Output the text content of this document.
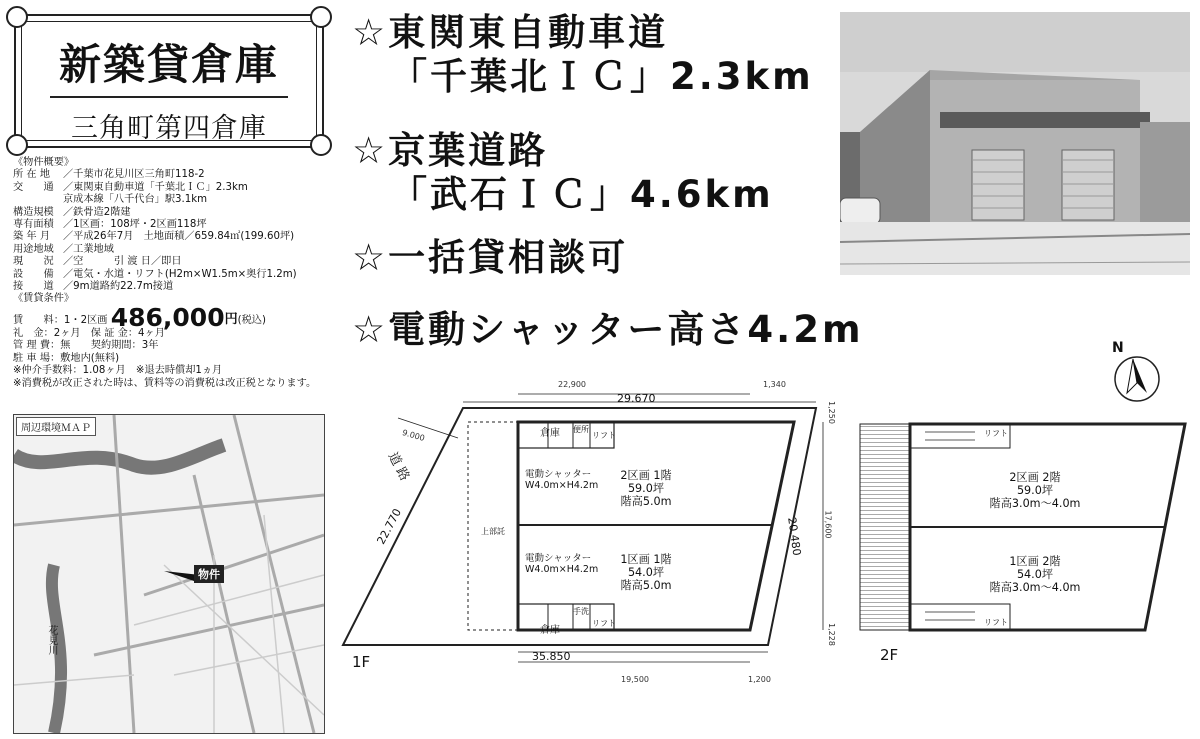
新築貸倉庫
三角町第四倉庫
《物件概要》
所 在 地 ／千葉市花見川区三角町118-2
交　　通 ／東関東自動車道「千葉北ＩＣ」2.3km
京成本線「八千代台」駅3.1km
構造規模 ／鉄骨造2階建
専有面積 ／1区画：108坪・2区画118坪
築 年 月 ／平成26年7月　土地面積／659.84㎡(199.60坪)
用途地域 ／工業地域
現　　況 ／空　　　引 渡 日／即日
設　　備 ／電気・水道・リフト(H2m×W1.5m×奥行1.2m)
接　　道 ／9m道路約22.7m接道
《賃貸条件》
賃　　料：1・2区画 486,000円(税込)
礼　金：2ヶ月　保 証 金：4ヶ月
管 理 費：無　　契約期間：3年
駐 車 場：敷地内(無料)
※仲介手数料：1.08ヶ月　※退去時償却1ヵ月
※消費税が改正された時は、賃料等の消費税は改正税となります。
☆東関東自動車道
「千葉北ＩＣ」2.3km
☆京葉道路
「武石ＩＣ」4.6km
☆一括貸相談可
☆電動シャッター高さ4.2m
周辺環境ＭＡＰ
花見川
物件
N
22,900	1,340
29.670
9.000
22.770
道路
20.480	17,600
1,250
1,228
35.850
19,500	1,200
1F
倉庫 便所
リフト
倉庫
手洗
リフト
上部託
電動シャッター
W4.0m×H4.2m
2区画 1階
59.0坪
階高5.0m
電動シャッター
W4.0m×H4.2m
1区画 1階
54.0坪
階高5.0m
リフト
リフト
2区画 2階
59.0坪
階高3.0m～4.0m
1区画 2階
54.0坪
階高3.0m～4.0m
2F
